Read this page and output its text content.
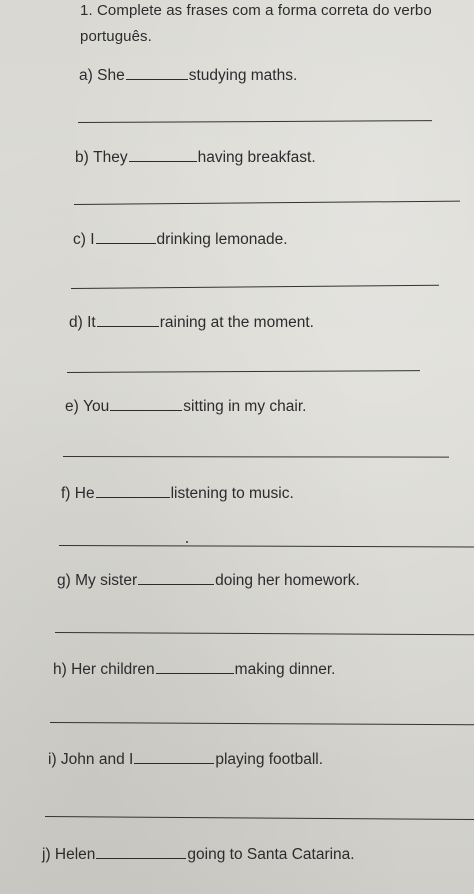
1. Complete as frases com a forma correta do verbo
português.
a)
She	studying maths.
b)
They	having breakfast.
c)
I	drinking lemonade.
d)
It	raining at the moment.
e)
You	sitting in my chair.
f)
He	listening to music.
g)
My sister	doing her homework.
h)
Her children	making dinner.
i)
John and I	playing football.
j)
Helen	going to Santa Catarina.
